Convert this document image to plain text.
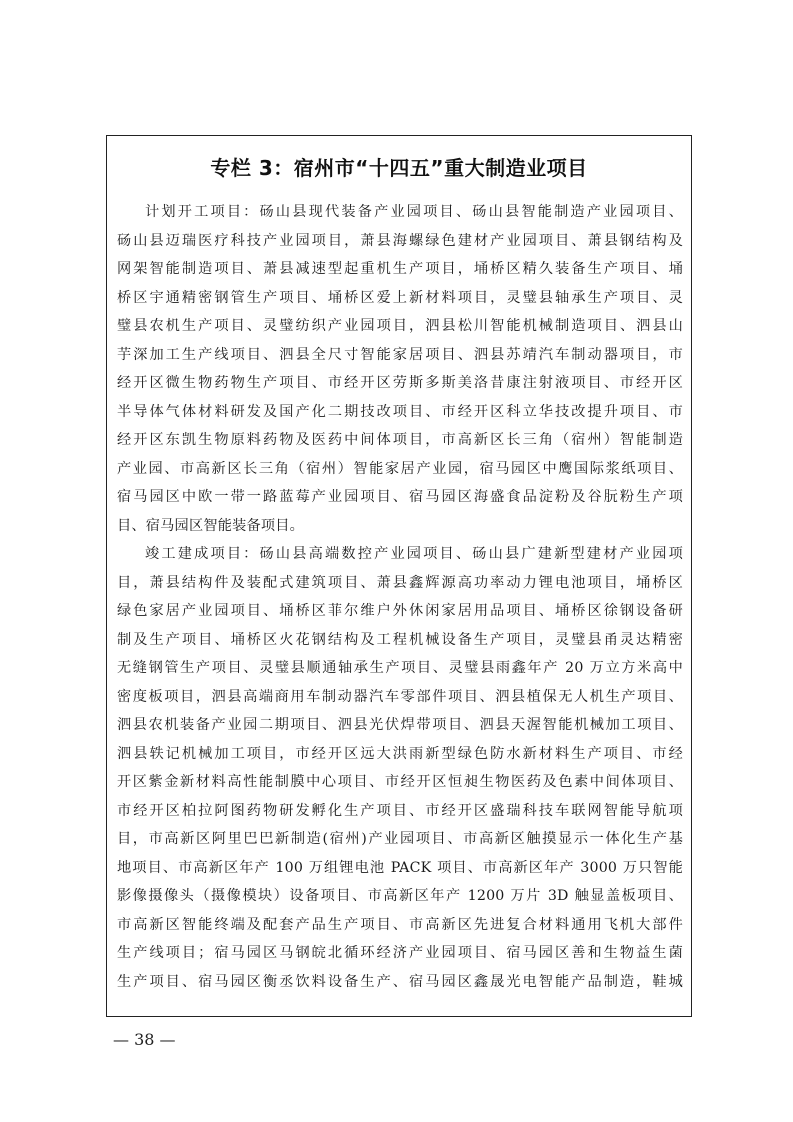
专栏 3：宿州市“十四五”重大制造业项目
计划开工项目：砀山县现代装备产业园项目、砀山县智能制造产业园项目、
砀山县迈瑞医疗科技产业园项目，萧县海螺绿色建材产业园项目、萧县钢结构及
网架智能制造项目、萧县减速型起重机生产项目，埇桥区精久装备生产项目、埇
桥区宇通精密钢管生产项目、埇桥区爱上新材料项目，灵璧县轴承生产项目、灵
璧县农机生产项目、灵璧纺织产业园项目，泗县松川智能机械制造项目、泗县山
芋深加工生产线项目、泗县全尺寸智能家居项目、泗县苏靖汽车制动器项目，市
经开区微生物药物生产项目、市经开区劳斯多斯美洛昔康注射液项目、市经开区
半导体气体材料研发及国产化二期技改项目、市经开区科立华技改提升项目、市
经开区东凯生物原料药物及医药中间体项目，市高新区长三角（宿州）智能制造
产业园、市高新区长三角（宿州）智能家居产业园，宿马园区中鹰国际浆纸项目、
宿马园区中欧一带一路蓝莓产业园项目、宿马园区海盛食品淀粉及谷朊粉生产项
目、宿马园区智能装备项目。
竣工建成项目：砀山县高端数控产业园项目、砀山县广建新型建材产业园项
目，萧县结构件及装配式建筑项目、萧县鑫辉源高功率动力锂电池项目，埇桥区
绿色家居产业园项目、埇桥区菲尔维户外休闲家居用品项目、埇桥区徐钢设备研
制及生产项目、埇桥区火花钢结构及工程机械设备生产项目，灵璧县甬灵达精密
无缝钢管生产项目、灵璧县顺通轴承生产项目、灵璧县雨鑫年产 20 万立方米高中
密度板项目，泗县高端商用车制动器汽车零部件项目、泗县植保无人机生产项目、
泗县农机装备产业园二期项目、泗县光伏焊带项目、泗县天渥智能机械加工项目、
泗县轶记机械加工项目，市经开区远大洪雨新型绿色防水新材料生产项目、市经
开区紫金新材料高性能制膜中心项目、市经开区恒昶生物医药及色素中间体项目、
市经开区柏拉阿图药物研发孵化生产项目、市经开区盛瑞科技车联网智能导航项
目，市高新区阿里巴巴新制造(宿州)产业园项目、市高新区触摸显示一体化生产基
地项目、市高新区年产 100 万组锂电池 PACK 项目、市高新区年产 3000 万只智能
影像摄像头（摄像模块）设备项目、市高新区年产 1200 万片 3D 触显盖板项目、
市高新区智能终端及配套产品生产项目、市高新区先进复合材料通用飞机大部件
生产线项目；宿马园区马钢皖北循环经济产业园项目、宿马园区善和生物益生菌
生产项目、宿马园区衡丞饮料设备生产、宿马园区鑫晟光电智能产品制造，鞋城
— 38 —
